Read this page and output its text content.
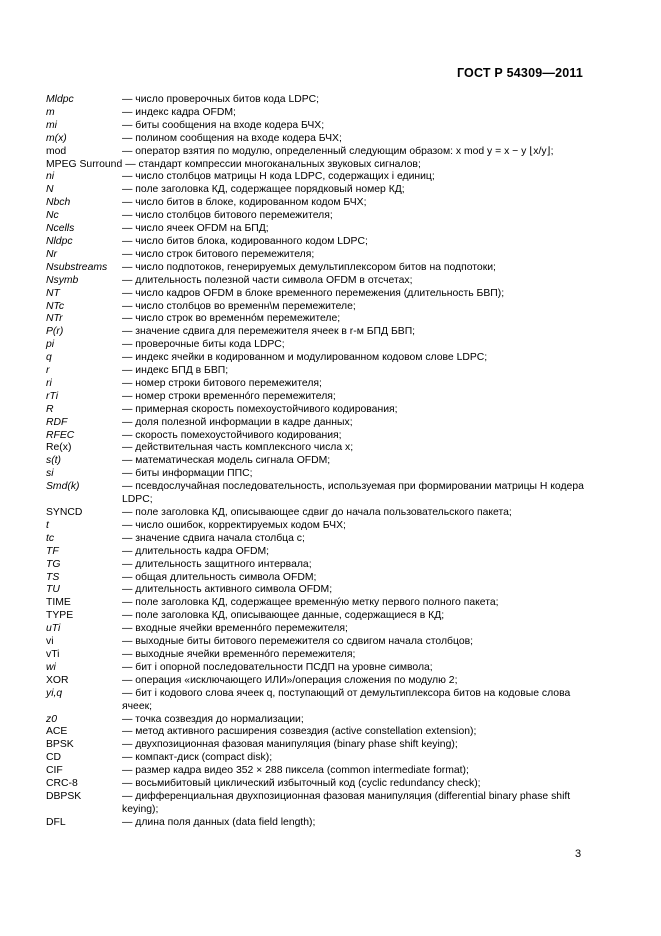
ГОСТ Р 54309—2011
Mldpc	— число проверочных битов кода LDPC;
m	— индекс кадра OFDM;
mi	— биты сообщения на входе кодера БЧХ;
m(x)	— полином сообщения на входе кодера БЧХ;
mod	— оператор взятия по модулю, определенный следующим образом: x mod y = x − y ⌊x/y⌋;
MPEG Surround — стандарт компрессии многоканальных звуковых сигналов;
ni	— число столбцов матрицы H кода LDPC, содержащих i единиц;
N	— поле заголовка КД, содержащее порядковый номер КД;
Nbch	— число битов в блоке, кодированном кодом БЧХ;
Nc	— число столбцов битового перемежителя;
Ncells	— число ячеек OFDM на БПД;
Nldpc	— число битов блока, кодированного кодом LDPC;
Nr	— число строк битового перемежителя;
Nsubstreams	— число подпотоков, генерируемых демультиплексором битов на подпотоки;
Nsymb	— длительность полезной части символа OFDM в отсчетах;
NT	— число кадров OFDM в блоке временного перемежения (длительность БВП);
NTc	— число столбцов во временн\м перемежителе;
NTr	— число строк во временнóм перемежителе;
P(r)	— значение сдвига для перемежителя ячеек в r-м БПД БВП;
pi	— проверочные биты кода LDPC;
q	— индекс ячейки в кодированном и модулированном кодовом слове LDPC;
r	— индекс БПД в БВП;
ri	— номер строки битового перемежителя;
rTi	— номер строки временнóго перемежителя;
R	— примерная скорость помехоустойчивого кодирования;
RDF	— доля полезной информации в кадре данных;
RFEC	— скорость помехоустойчивого кодирования;
Re(x)	— действительная часть комплексного числа x;
s(t)	— математическая модель сигнала OFDM;
si	— биты информации ППС;
Smd(k)	— псевдослучайная последовательность, используемая при формировании матрицы H кодера LDPC;
SYNCD	— поле заголовка КД, описывающее сдвиг до начала пользовательского пакета;
t	— число ошибок, корректируемых кодом БЧХ;
tc	— значение сдвига начала столбца c;
TF	— длительность кадра OFDM;
TG	— длительность защитного интервала;
TS	— общая длительность символа OFDM;
TU	— длительность активного символа OFDM;
TIME	— поле заголовка КД, содержащее временнýю метку первого полного пакета;
TYPE	— поле заголовка КД, описывающее данные, содержащиеся в КД;
uTi	— входные ячейки временнóго перемежителя;
vi	— выходные биты битового перемежителя со сдвигом начала столбцов;
vTi	— выходные ячейки временнóго перемежителя;
wi	— бит i опорной последовательности ПСДП на уровне символа;
XOR	— операция «исключающего ИЛИ»/операция сложения по модулю 2;
yi,q	— бит i кодового слова ячеек q, поступающий от демультиплексора битов на кодовые слова ячеек;
z0	— точка созвездия до нормализации;
ACE	— метод активного расширения созвездия (active constellation extension);
BPSK	— двухпозиционная фазовая манипуляция (binary phase shift keying);
CD	— компакт-диск (compact disk);
CIF	— размер кадра видео 352 × 288 пиксела (common intermediate format);
CRC-8	— восьмибитовый циклический избыточный код (cyclic redundancy check);
DBPSK	— дифференциальная двухпозиционная фазовая манипуляция (differential binary phase shift keying);
DFL	— длина поля данных (data field length);
3
